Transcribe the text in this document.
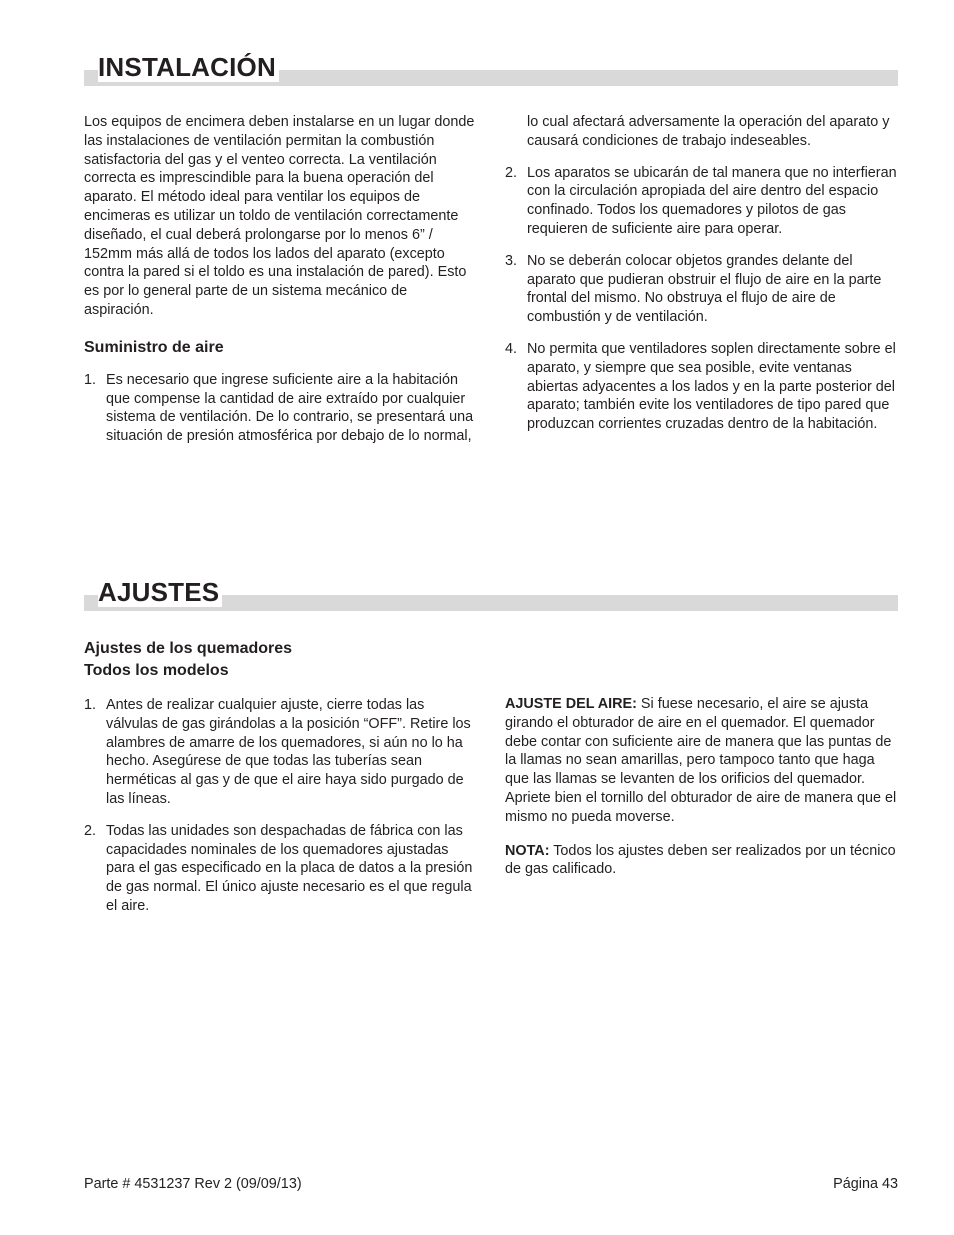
INSTALACIÓN

Los equipos de encimera deben instalarse en un lugar donde las instalaciones de ventilación permitan la combustión satisfactoria del gas y el venteo correcta. La ventilación correcta es imprescindible para la buena operación del aparato. El método ideal para ventilar los equipos de encimeras es utilizar un toldo de ventilación correctamente diseñado, el cual deberá prolongarse por lo menos 6” / 152mm más allá de todos los lados del aparato (excepto contra la pared si el toldo es una instalación de pared). Esto es por lo general parte de un sistema mecánico de aspiración.

Suministro de aire
1. Es necesario que ingrese suficiente aire a la habitación que compense la cantidad de aire extraído por cualquier sistema de ventilación. De lo contrario, se presentará una situación de presión atmosférica por debajo de lo normal,
lo cual afectará adversamente la operación del aparato y causará condiciones de trabajo indeseables.
2. Los aparatos se ubicarán de tal manera que no interfieran con la circulación apropiada del aire dentro del espacio confinado. Todos los quemadores y pilotos de gas requieren de suficiente aire para operar.
3. No se deberán colocar objetos grandes delante del aparato que pudieran obstruir el flujo de aire en la parte frontal del mismo. No obstruya el flujo de aire de combustión y de ventilación.
4. No permita que ventiladores soplen directamente sobre el aparato, y siempre que sea posible, evite ventanas abiertas adyacentes a los lados y en la parte posterior del aparato; también evite los ventiladores de tipo pared que produzcan corrientes cruzadas dentro de la habitación.
AJUSTES
Ajustes de los quemadores
Todos los modelos
1. Antes de realizar cualquier ajuste, cierre todas las válvulas de gas girándolas a la posición “OFF”. Retire los alambres de amarre de los quemadores, si aún no lo ha hecho. Asegúrese de que todas las tuberías sean herméticas al gas y de que el aire haya sido purgado de las líneas.
2. Todas las unidades son despachadas de fábrica con las capacidades nominales de los quemadores ajustadas para el gas especificado en la placa de datos a la presión de gas normal. El único ajuste necesario es el que regula el aire.

AJUSTE DEL AIRE: Si fuese necesario, el aire se ajusta girando el obturador de aire en el quemador. El quemador debe contar con suficiente aire de manera que las puntas de la llamas no sean amarillas, pero tampoco tanto que haga que las llamas se levanten de los orificios del quemador. Apriete bien el tornillo del obturador de aire de manera que el mismo no pueda moverse.

NOTA: Todos los ajustes deben ser realizados por un técnico de gas calificado.

Parte # 4531237 Rev 2 (09/09/13)	Página 43
